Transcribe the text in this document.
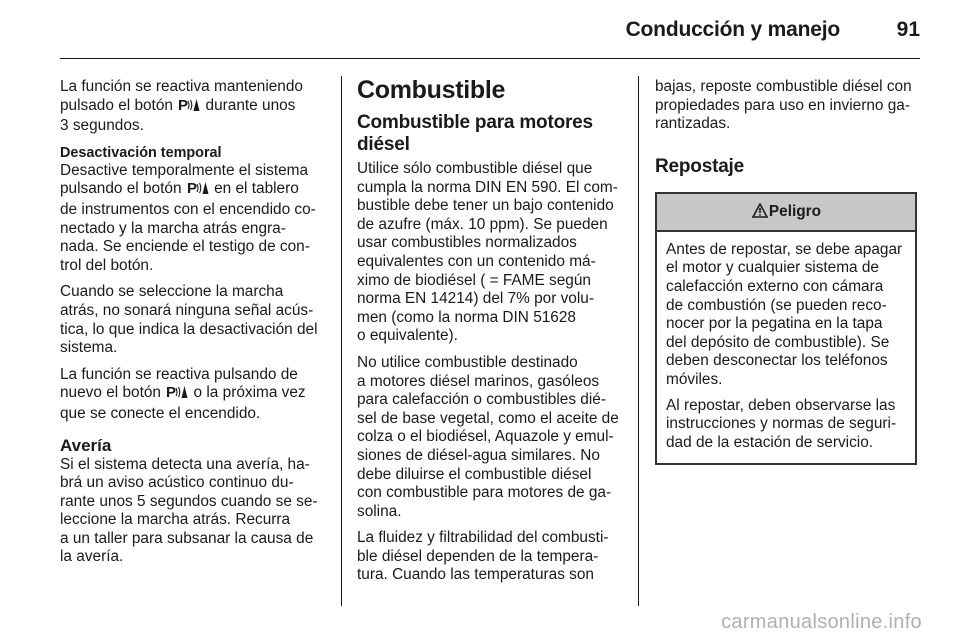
Conducción y manejo	91

La función se reactiva manteniendo
pulsado el botón P durante unos
3 segundos.

Desactivación temporal

Desactive temporalmente el sistema
pulsando el botón P en el tablero
de instrumentos con el encendido co-
nectado y la marcha atrás engra-
nada. Se enciende el testigo de con-
trol del botón.

Cuando se seleccione la marcha
atrás, no sonará ninguna señal acús-
tica, lo que indica la desactivación del
sistema.

La función se reactiva pulsando de
nuevo el botón P o la próxima vez
que se conecte el encendido.

Avería

Si el sistema detecta una avería, ha-
brá un aviso acústico continuo du-
rante unos 5 segundos cuando se se-
leccione la marcha atrás. Recurra
a un taller para subsanar la causa de
la avería.

Combustible
Combustible para motores
diésel

Utilice sólo combustible diésel que
cumpla la norma DIN EN 590. El com-
bustible debe tener un bajo contenido
de azufre (máx. 10 ppm). Se pueden
usar combustibles normalizados
equivalentes con un contenido má-
ximo de biodiésel ( = FAME según
norma EN 14214) del 7% por volu-
men (como la norma DIN 51628
o equivalente).

No utilice combustible destinado
a motores diésel marinos, gasóleos
para calefacción o combustibles dié-
sel de base vegetal, como el aceite de
colza o el biodiésel, Aquazole y emul-
siones de diésel-agua similares. No
debe diluirse el combustible diésel
con combustible para motores de ga-
solina.

La fluidez y filtrabilidad del combusti-
ble diésel dependen de la tempera-
tura. Cuando las temperaturas son

bajas, reposte combustible diésel con
propiedades para uso en invierno ga-
rantizadas.

Repostaje
Peligro

Antes de repostar, se debe apagar
el motor y cualquier sistema de
calefacción externo con cámara
de combustión (se pueden reco-
nocer por la pegatina en la tapa
del depósito de combustible). Se
deben desconectar los teléfonos
móviles.

Al repostar, deben observarse las
instrucciones y normas de seguri-
dad de la estación de servicio.

carmanualsonline.info
